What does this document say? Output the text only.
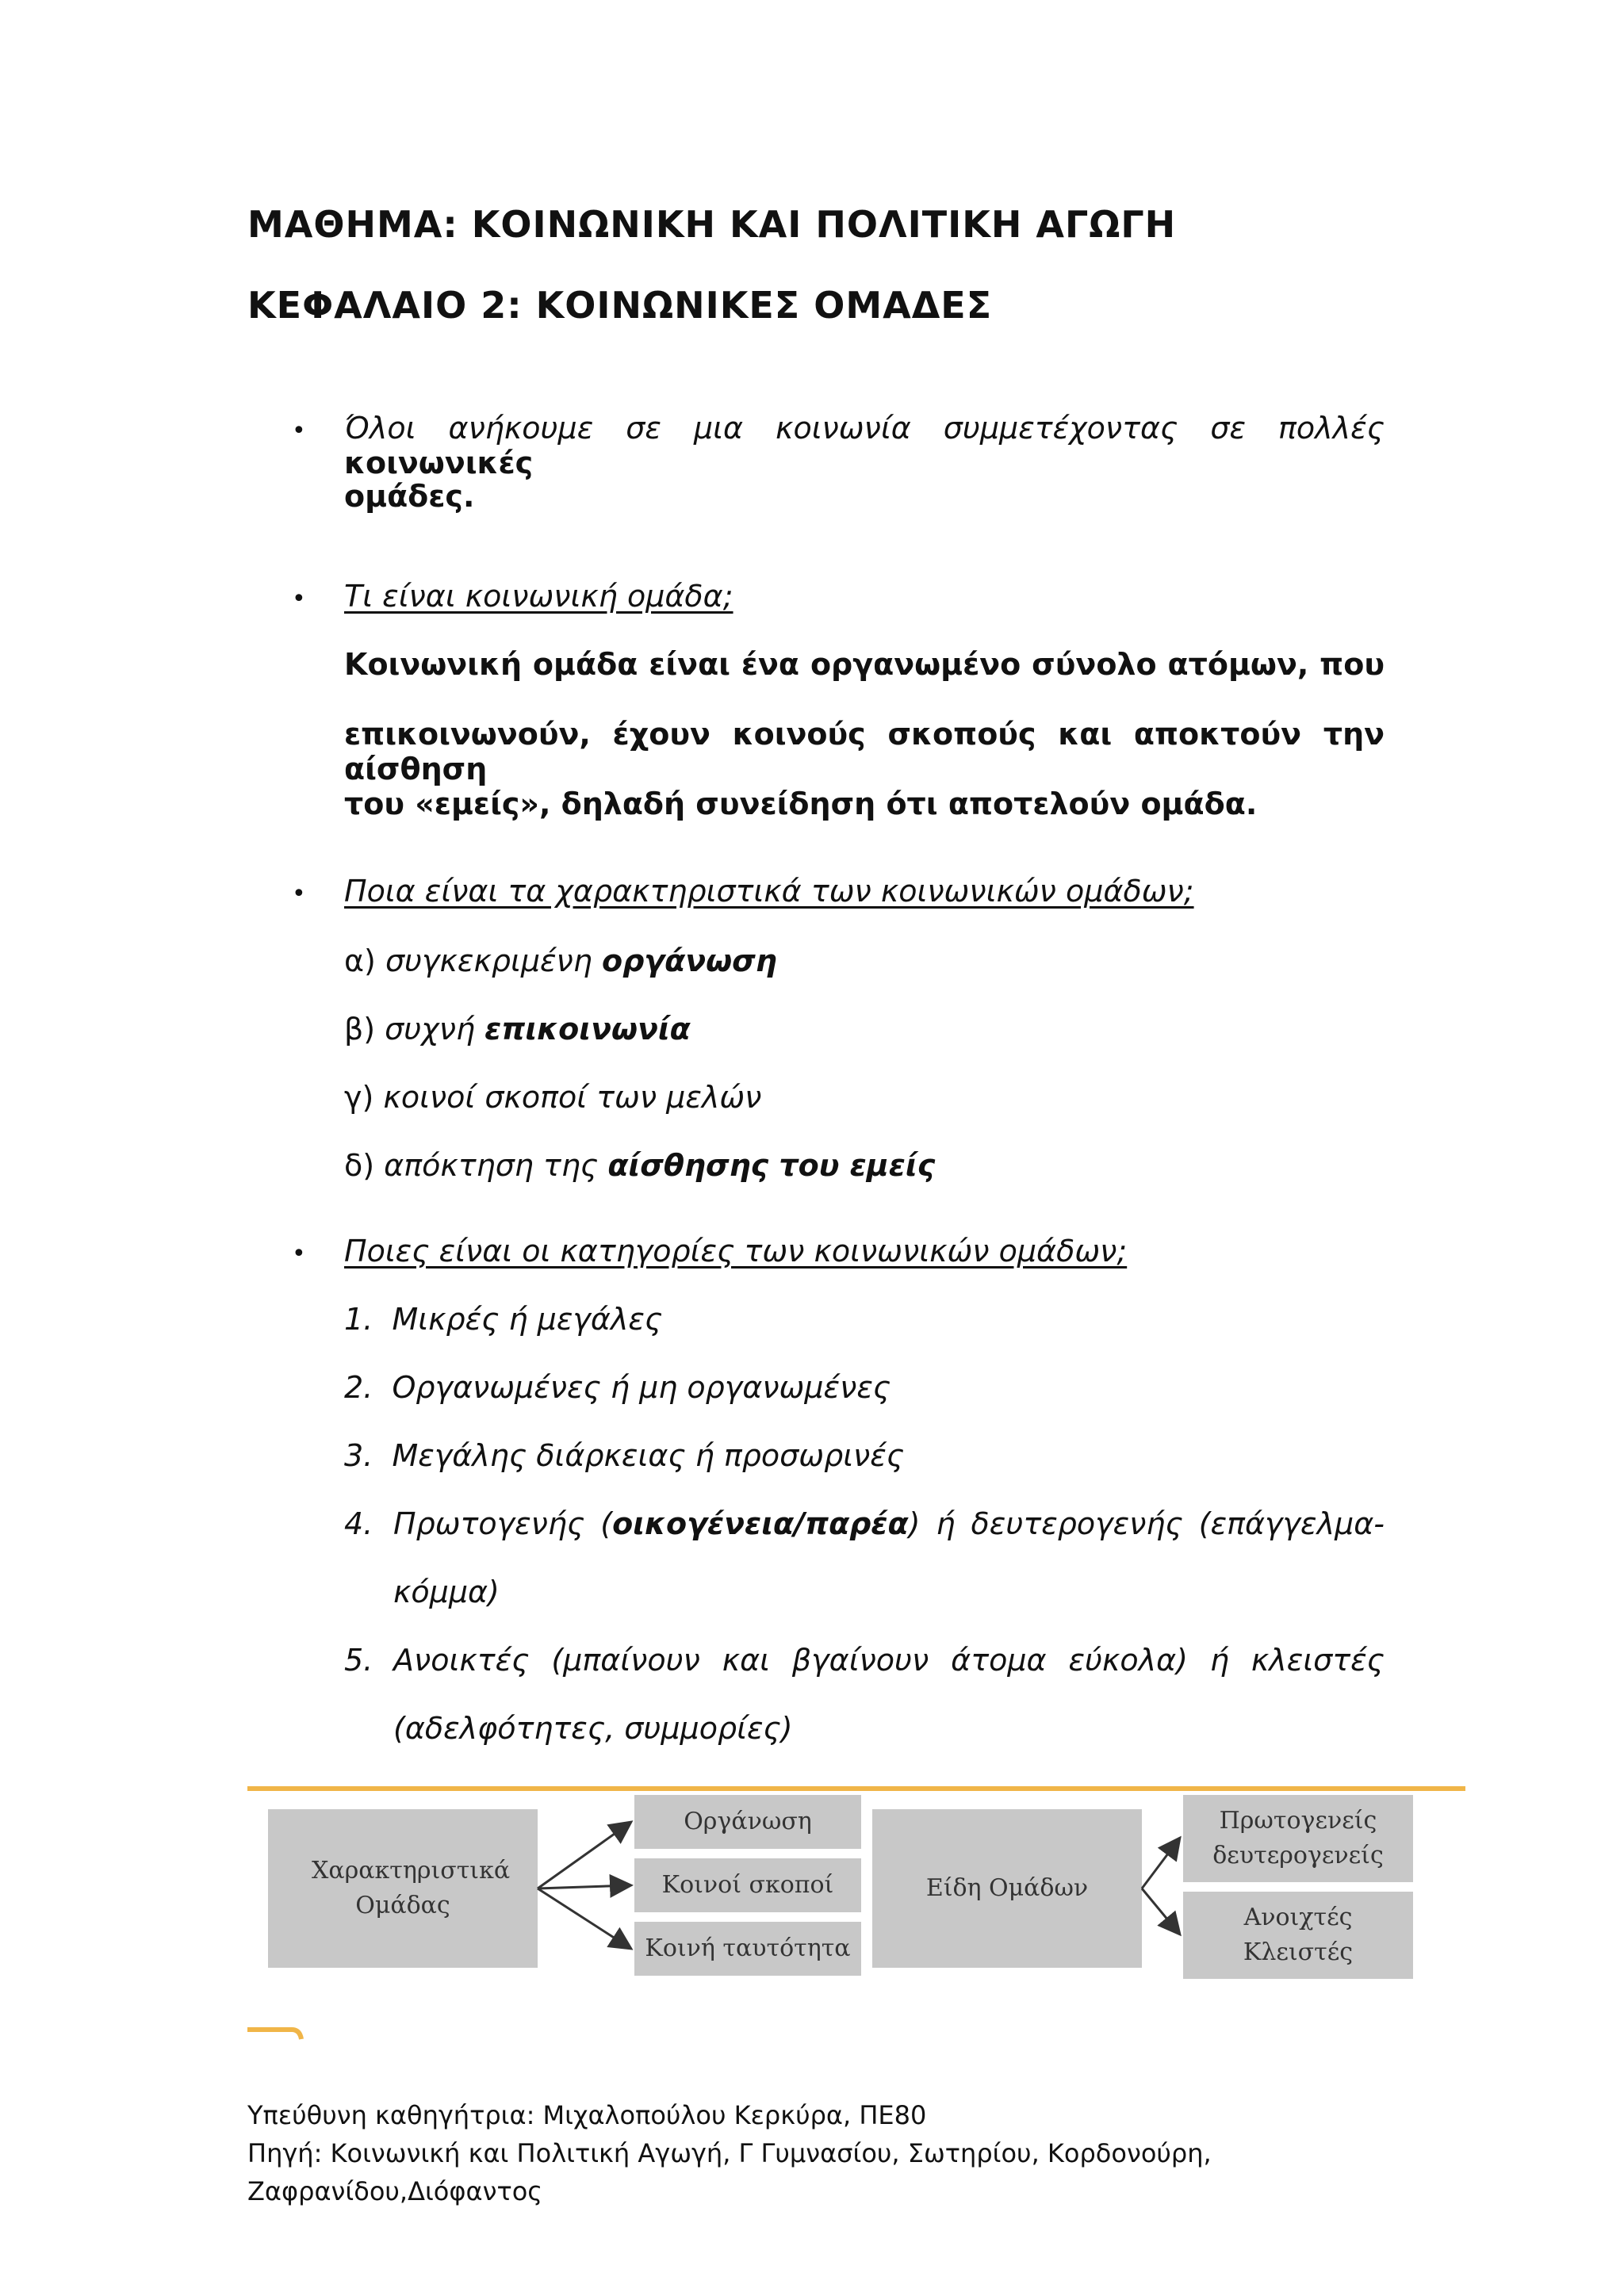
ΜΑΘΗΜΑ: ΚΟΙΝΩΝΙΚΗ ΚΑΙ ΠΟΛΙΤΙΚΗ ΑΓΩΓΗ
ΚΕΦΑΛΑΙΟ 2: ΚΟΙΝΩΝΙΚΕΣ ΟΜΑΔΕΣ
• Όλοι ανήκουμε σε μια κοινωνία συμμετέχοντας σε πολλές κοινωνικές
ομάδες.
• Τι είναι κοινωνική ομάδα;
Κοινωνική ομάδα είναι ένα οργανωμένο σύνολο ατόμων, που
επικοινωνούν, έχουν κοινούς σκοπούς και αποκτούν την αίσθηση
του «εμείς», δηλαδή συνείδηση ότι αποτελούν ομάδα.
• Ποια είναι τα χαρακτηριστικά των κοινωνικών ομάδων;
α) συγκεκριμένη οργάνωση
β) συχνή επικοινωνία
γ) κοινοί σκοποί των μελών
δ) απόκτηση της αίσθησης του εμείς
• Ποιες είναι οι κατηγορίες των κοινωνικών ομάδων;
1. Μικρές ή μεγάλες
2. Οργανωμένες ή μη οργανωμένες
3. Μεγάλης διάρκειας ή προσωρινές
4. Πρωτογενής (οικογένεια/παρέα) ή δευτερογενής (επάγγελμα-
κόμμα)
5. Ανοικτές (μπαίνουν και βγαίνουν άτομα εύκολα) ή κλειστές
(αδελφότητες, συμμορίες)
Χαρακτηριστικά Ομάδας
Οργάνωση
Κοινοί σκοποί
Κοινή ταυτότητα
Είδη Ομάδων
Πρωτογενείς δευτερογενείς
Ανοιχτές Κλειστές
Υπεύθυνη καθηγήτρια: Μιχαλοπούλου Κερκύρα, ΠΕ80
Πηγή: Κοινωνική και Πολιτική Αγωγή, Γ Γυμνασίου, Σωτηρίου, Κορδονούρη,
Ζαφρανίδου,Διόφαντος
